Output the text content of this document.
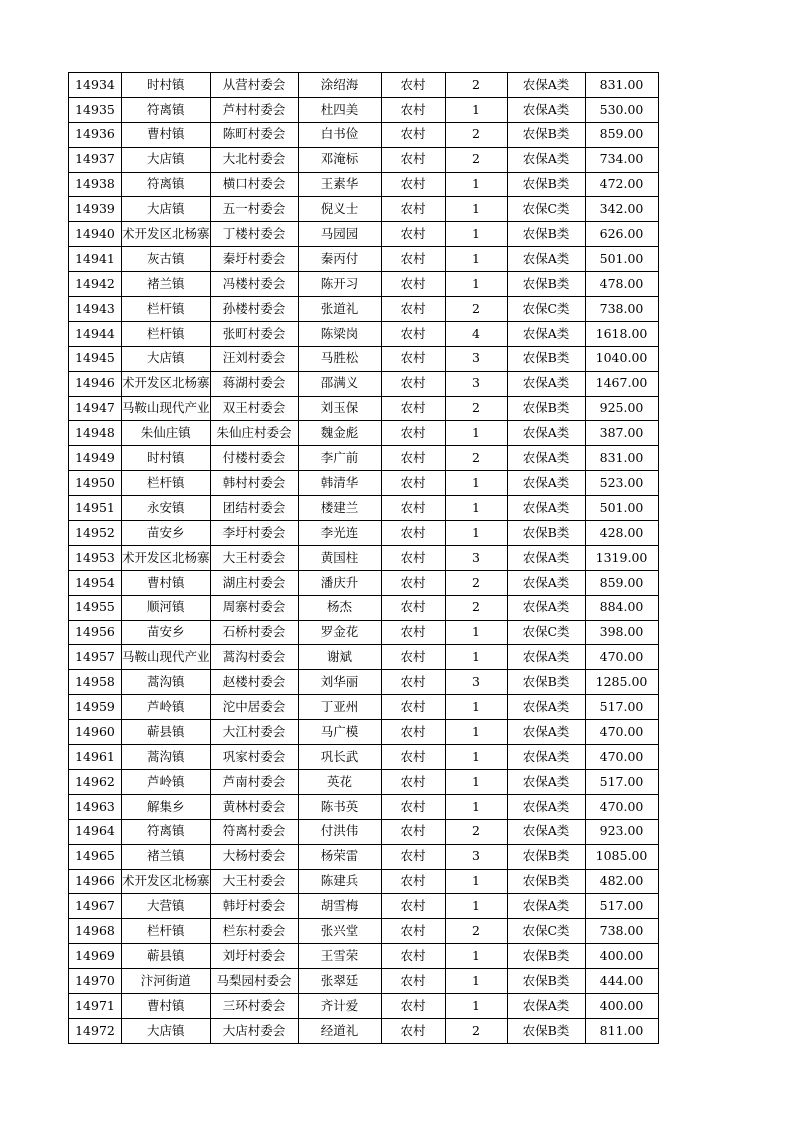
14934	时村镇	从营村委会	涂绍海	农村	2	农保A类	831.00
14935	符离镇	芦村村委会	杜四美	农村	1	农保A类	530.00
14936	曹村镇	陈町村委会	白书俭	农村	2	农保B类	859.00
14937	大店镇	大北村委会	邓淹标	农村	2	农保A类	734.00
14938	符离镇	横口村委会	王素华	农村	1	农保B类	472.00
14939	大店镇	五一村委会	倪义士	农村	1	农保C类	342.00
14940	术开发区北杨寨	丁楼村委会	马园园	农村	1	农保B类	626.00
14941	灰古镇	秦圩村委会	秦丙付	农村	1	农保A类	501.00
14942	褚兰镇	冯楼村委会	陈开习	农村	1	农保B类	478.00
14943	栏杆镇	孙楼村委会	张道礼	农村	2	农保C类	738.00
14944	栏杆镇	张町村委会	陈梁岗	农村	4	农保A类	1618.00
14945	大店镇	汪刘村委会	马胜松	农村	3	农保B类	1040.00
14946	术开发区北杨寨	蒋湖村委会	邵满义	农村	3	农保A类	1467.00
14947	马鞍山现代产业	双王村委会	刘玉保	农村	2	农保B类	925.00
14948	朱仙庄镇	朱仙庄村委会	魏金彪	农村	1	农保A类	387.00
14949	时村镇	付楼村委会	李广前	农村	2	农保A类	831.00
14950	栏杆镇	韩村村委会	韩清华	农村	1	农保A类	523.00
14951	永安镇	团结村委会	楼建兰	农村	1	农保A类	501.00
14952	苗安乡	李圩村委会	李光连	农村	1	农保B类	428.00
14953	术开发区北杨寨	大王村委会	黄国柱	农村	3	农保A类	1319.00
14954	曹村镇	湖庄村委会	潘庆升	农村	2	农保A类	859.00
14955	顺河镇	周寨村委会	杨杰	农村	2	农保A类	884.00
14956	苗安乡	石桥村委会	罗金花	农村	1	农保C类	398.00
14957	马鞍山现代产业	蒿沟村委会	谢斌	农村	1	农保A类	470.00
14958	蒿沟镇	赵楼村委会	刘华丽	农村	3	农保B类	1285.00
14959	芦岭镇	沱中居委会	丁亚州	农村	1	农保A类	517.00
14960	蕲县镇	大江村委会	马广模	农村	1	农保A类	470.00
14961	蒿沟镇	巩家村委会	巩长武	农村	1	农保A类	470.00
14962	芦岭镇	芦南村委会	英花	农村	1	农保A类	517.00
14963	解集乡	黄林村委会	陈书英	农村	1	农保A类	470.00
14964	符离镇	符离村委会	付洪伟	农村	2	农保A类	923.00
14965	褚兰镇	大杨村委会	杨荣雷	农村	3	农保B类	1085.00
14966	术开发区北杨寨	大王村委会	陈建兵	农村	1	农保B类	482.00
14967	大营镇	韩圩村委会	胡雪梅	农村	1	农保A类	517.00
14968	栏杆镇	栏东村委会	张兴堂	农村	2	农保C类	738.00
14969	蕲县镇	刘圩村委会	王雪荣	农村	1	农保B类	400.00
14970	汴河街道	马梨园村委会	张翠廷	农村	1	农保B类	444.00
14971	曹村镇	三环村委会	齐计爱	农村	1	农保A类	400.00
14972	大店镇	大店村委会	经道礼	农村	2	农保B类	811.00
